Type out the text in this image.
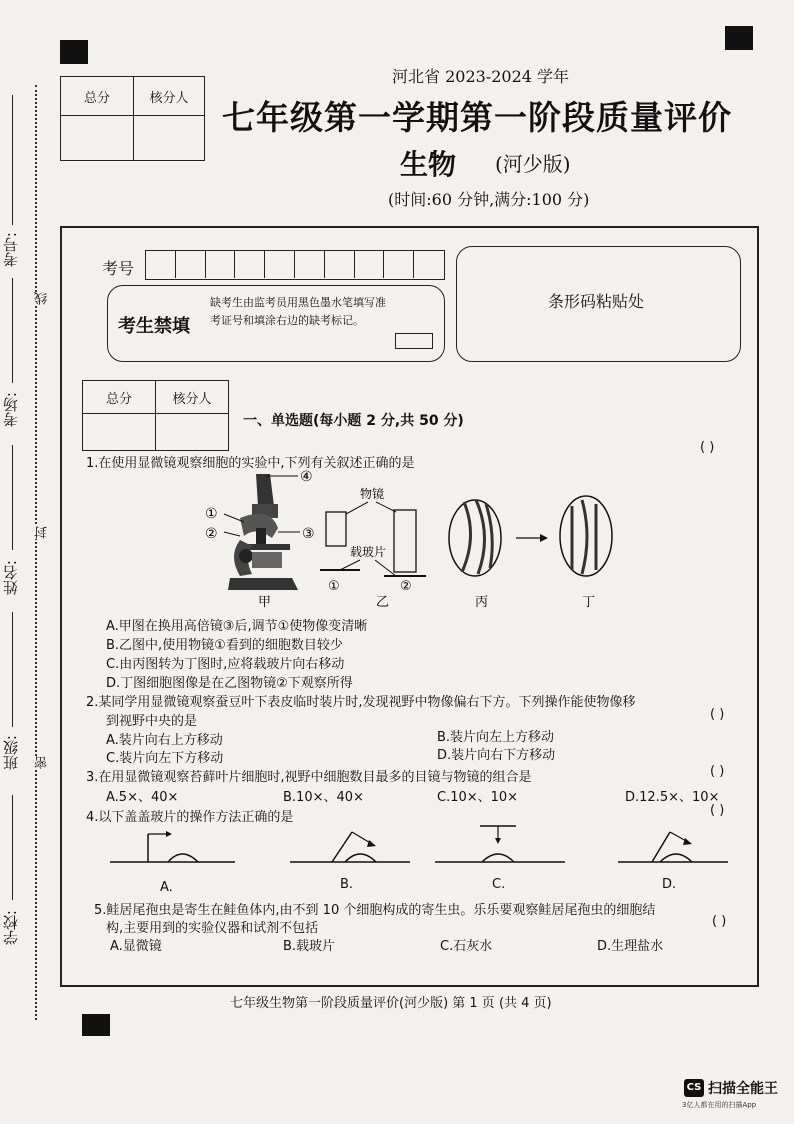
考号:
考场:
姓名:
班级:
学校:
线
封
密
总分	核分人

河北省 2023-2024 学年
七年级第一学期第一阶段质量评价
生物 (河少版)
(时间:60 分钟,满分:100 分)
考号
考生禁填
缺考生由监考员用黑色墨水笔填写准考证号和填涂右边的缺考标记。
条形码粘贴处
总分	核分人

一、单选题(每小题 2 分,共 50 分)
1.在使用显微镜观察细胞的实验中,下列有关叙述正确的是
( )
④
①
②	③
甲
物镜
载玻片
①	②
乙	丙	丁
A.甲图在换用高倍镜③后,调节①使物像变清晰
B.乙图中,使用物镜①看到的细胞数目较少
C.由丙图转为丁图时,应将载玻片向右移动
D.丁图细胞图像是在乙图物镜②下观察所得
2.某同学用显微镜观察蚕豆叶下表皮临时装片时,发现视野中物像偏右下方。下列操作能使物像移
到视野中央的是	( )
A.装片向右上方移动	B.装片向左上方移动
C.装片向左下方移动	D.装片向右下方移动
3.在用显微镜观察苔藓叶片细胞时,视野中细胞数目最多的目镜与物镜的组合是	( )
A.5×、40×	B.10×、40×	C.10×、10×	D.12.5×、10×
4.以下盖盖玻片的操作方法正确的是	( )
A.	B.	C.	D.
5.鲑居尾孢虫是寄生在鲑鱼体内,由不到 10 个细胞构成的寄生虫。乐乐要观察鲑居尾孢虫的细胞结
构,主要用到的实验仪器和试剂不包括	( )
A.显微镜	B.载玻片	C.石灰水	D.生理盐水
七年级生物第一阶段质量评价(河少版) 第 1 页 (共 4 页)
CS 扫描全能王
3亿人都在用的扫描App
